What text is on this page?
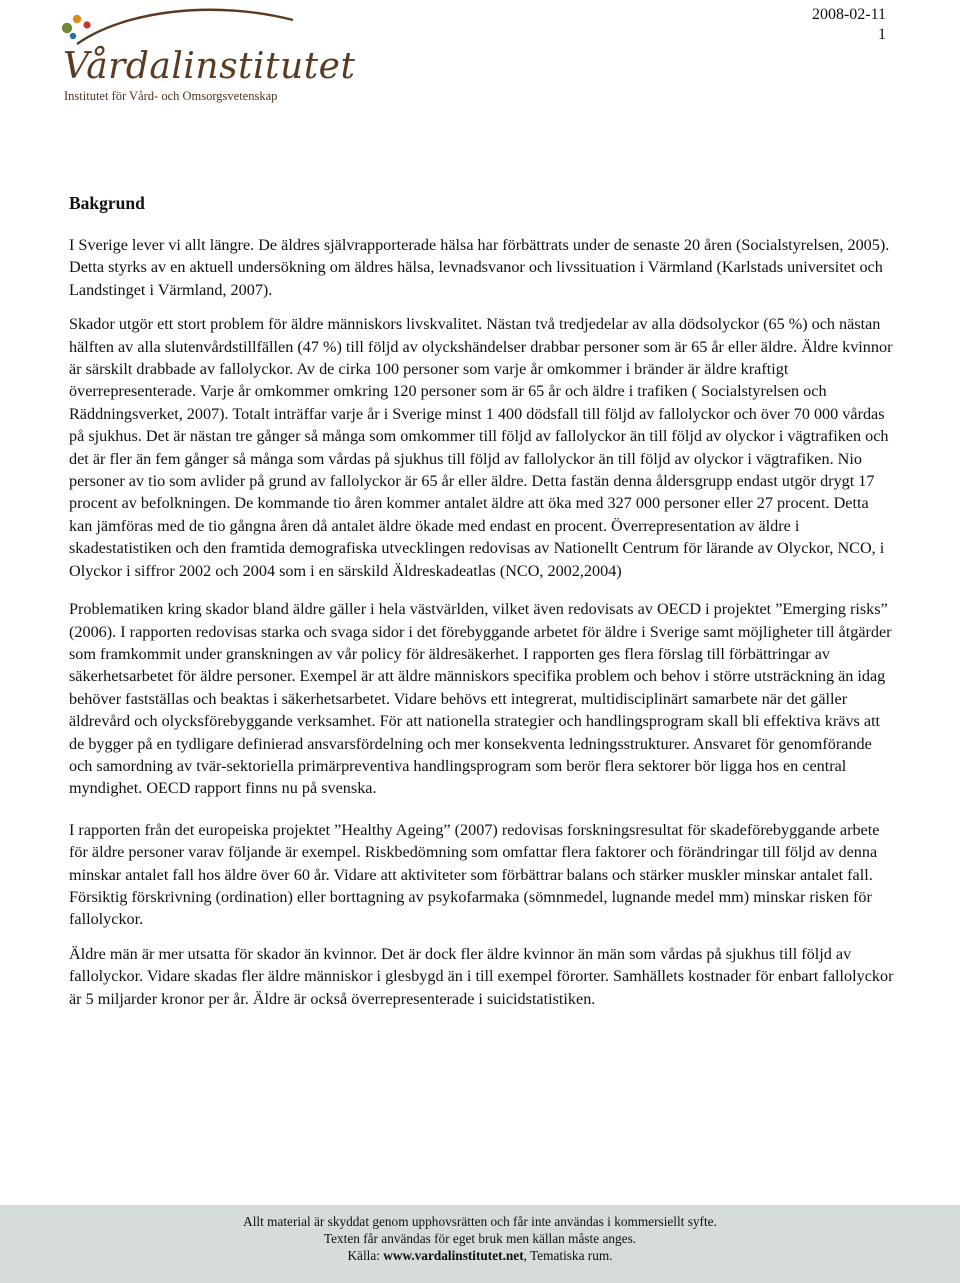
Vårdalinstitutet
Institutet för Vård- och Omsorgsvetenskap
2008-02-11
1
Bakgrund

I Sverige lever vi allt längre. De äldres självrapporterade hälsa har förbättrats under de senaste 20 åren (Socialstyrelsen, 2005). Detta styrks av en aktuell undersökning om äldres hälsa, levnadsvanor och livssituation i Värmland (Karlstads universitet och Landstinget i Värmland, 2007).

Skador utgör ett stort problem för äldre människors livskvalitet. Nästan två tredjedelar av alla dödsolyckor (65 %) och nästan hälften av alla slutenvårdstillfällen (47 %) till följd av olyckshändelser drabbar personer som är 65 år eller äldre. Äldre kvinnor är särskilt drabbade av fallolyckor. Av de cirka 100 personer som varje år omkommer i bränder är äldre kraftigt överrepresenterade. Varje år omkommer omkring 120 personer som är 65 år och äldre i trafiken ( Socialstyrelsen och Räddningsverket, 2007). Totalt inträffar varje år i Sverige minst 1 400 dödsfall till följd av fallolyckor och över 70 000 vårdas på sjukhus. Det är nästan tre gånger så många som omkommer till följd av fallolyckor än till följd av olyckor i vägtrafiken och det är fler än fem gånger så många som vårdas på sjukhus till följd av fallolyckor än till följd av olyckor i vägtrafiken. Nio personer av tio som avlider på grund av fallolyckor är 65 år eller äldre. Detta fastän denna åldersgrupp endast utgör drygt 17 procent av befolkningen. De kommande tio åren kommer antalet äldre att öka med 327 000 personer eller 27 procent. Detta kan jämföras med de tio gångna åren då antalet äldre ökade med endast en procent. Överrepresentation av äldre i skadestatistiken och den framtida demografiska utvecklingen redovisas av Nationellt Centrum för lärande av Olyckor, NCO, i Olyckor i siffror 2002 och 2004 som i en särskild Äldreskadeatlas (NCO, 2002,2004)

Problematiken kring skador bland äldre gäller i hela västvärlden, vilket även redovisats av OECD i projektet ”Emerging risks” (2006). I rapporten redovisas starka och svaga sidor i det förebyggande arbetet för äldre i Sverige samt möjligheter till åtgärder som framkommit under granskningen av vår policy för äldresäkerhet. I rapporten ges flera förslag till förbättringar av säkerhetsarbetet för äldre personer. Exempel är att äldre människors specifika problem och behov i större utsträckning än idag behöver fastställas och beaktas i säkerhetsarbetet. Vidare behövs ett integrerat, multidisciplinärt samarbete när det gäller äldrevård och olycksförebyggande verksamhet. För att nationella strategier och handlingsprogram skall bli effektiva krävs att de bygger på en tydligare definierad ansvarsfördelning och mer konsekventa ledningsstrukturer. Ansvaret för genomförande och samordning av tvär-sektoriella primärpreventiva handlingsprogram som berör flera sektorer bör ligga hos en central myndighet. OECD rapport finns nu på svenska.

I rapporten från det europeiska projektet ”Healthy Ageing” (2007) redovisas forskningsresultat för skadeförebyggande arbete för äldre personer varav följande är exempel. Riskbedömning som omfattar flera faktorer och förändringar till följd av denna minskar antalet fall hos äldre över 60 år. Vidare att aktiviteter som förbättrar balans och stärker muskler minskar antalet fall. Försiktig förskrivning (ordination) eller borttagning av psykofarmaka (sömnmedel, lugnande medel mm) minskar risken för fallolyckor.

Äldre män är mer utsatta för skador än kvinnor. Det är dock fler äldre kvinnor än män som vårdas på sjukhus till följd av fallolyckor. Vidare skadas fler äldre människor i glesbygd än i till exempel förorter. Samhällets kostnader för enbart fallolyckor är 5 miljarder kronor per år. Äldre är också överrepresenterade i suicidstatistiken.

Allt material är skyddat genom upphovsrätten och får inte användas i kommersiellt syfte.
Texten får användas för eget bruk men källan måste anges.
Källa: www.vardalinstitutet.net, Tematiska rum.
